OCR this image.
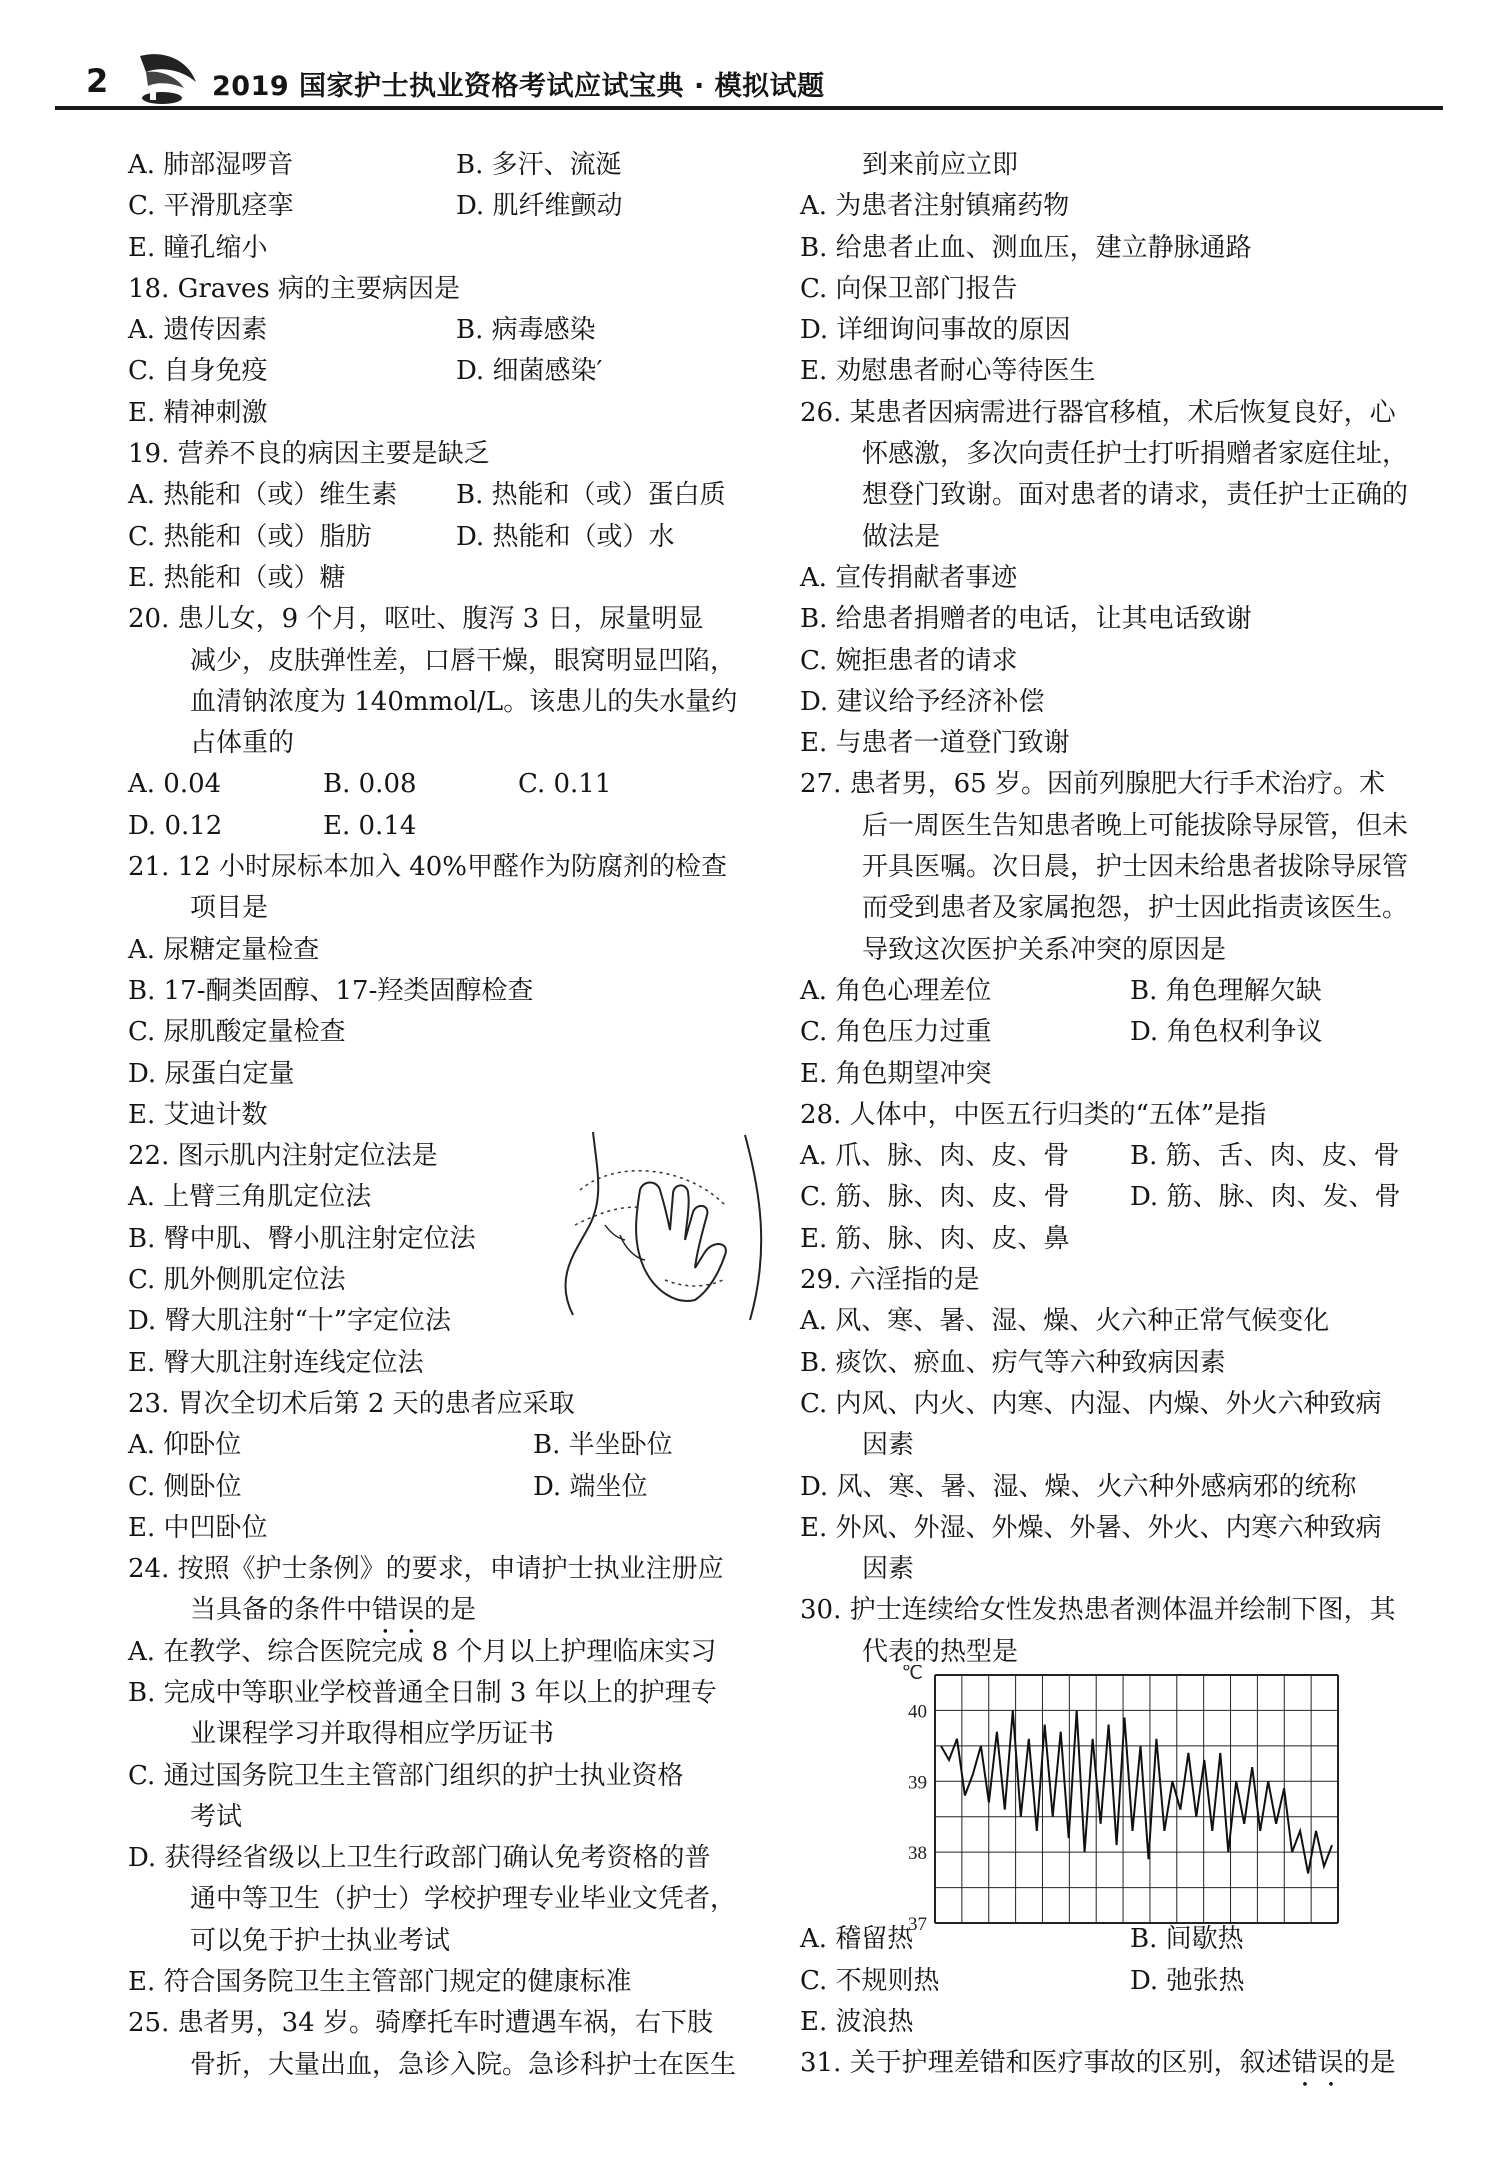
2	2019 国家护士执业资格考试应试宝典 · 模拟试题
A. 肺部湿啰音	B. 多汗、流涎
C. 平滑肌痉挛	D. 肌纤维颤动
E. 瞳孔缩小
18. Graves 病的主要病因是
A. 遗传因素	B. 病毒感染
C. 自身免疫	D. 细菌感染′
E. 精神刺激
19. 营养不良的病因主要是缺乏
A. 热能和（或）维生素 B. 热能和（或）蛋白质
C. 热能和（或）脂肪	D. 热能和（或）水
E. 热能和（或）糖
20. 患儿女，9 个月，呕吐、腹泻 3 日，尿量明显
减少，皮肤弹性差，口唇干燥，眼窝明显凹陷，
血清钠浓度为 140mmol/L。该患儿的失水量约
占体重的
A. 0.04	B. 0.08	C. 0.11
D. 0.12	E. 0.14
21. 12 小时尿标本加入 40%甲醛作为防腐剂的检查
项目是
A. 尿糖定量检查
B. 17-酮类固醇、17-羟类固醇检查
C. 尿肌酸定量检查
D. 尿蛋白定量
E. 艾迪计数
22. 图示肌内注射定位法是
A. 上臂三角肌定位法
B. 臀中肌、臀小肌注射定位法
C. 肌外侧肌定位法
D. 臀大肌注射“十”字定位法
E. 臀大肌注射连线定位法
23. 胃次全切术后第 2 天的患者应采取
A. 仰卧位	B. 半坐卧位
C. 侧卧位	D. 端坐位
E. 中凹卧位
24. 按照《护士条例》的要求，申请护士执业注册应
当具备的条件中错误的是
A. 在教学、综合医院完成 8 个月以上护理临床实习
B. 完成中等职业学校普通全日制 3 年以上的护理专
业课程学习并取得相应学历证书
C. 通过国务院卫生主管部门组织的护士执业资格
考试
D. 获得经省级以上卫生行政部门确认免考资格的普
通中等卫生（护士）学校护理专业毕业文凭者，
可以免于护士执业考试
E. 符合国务院卫生主管部门规定的健康标准
25. 患者男，34 岁。骑摩托车时遭遇车祸，右下肢
骨折，大量出血，急诊入院。急诊科护士在医生
到来前应立即
A. 为患者注射镇痛药物
B. 给患者止血、测血压，建立静脉通路
C. 向保卫部门报告
D. 详细询问事故的原因
E. 劝慰患者耐心等待医生
26. 某患者因病需进行器官移植，术后恢复良好，心
怀感激，多次向责任护士打听捐赠者家庭住址，
想登门致谢。面对患者的请求，责任护士正确的
做法是
A. 宣传捐献者事迹
B. 给患者捐赠者的电话，让其电话致谢
C. 婉拒患者的请求
D. 建议给予经济补偿
E. 与患者一道登门致谢
27. 患者男，65 岁。因前列腺肥大行手术治疗。术
后一周医生告知患者晚上可能拔除导尿管，但未
开具医嘱。次日晨，护士因未给患者拔除导尿管
而受到患者及家属抱怨，护士因此指责该医生。
导致这次医护关系冲突的原因是
A. 角色心理差位	B. 角色理解欠缺
C. 角色压力过重	D. 角色权利争议
E. 角色期望冲突
28. 人体中，中医五行归类的“五体”是指
A. 爪、脉、肉、皮、骨 B. 筋、舌、肉、皮、骨
C. 筋、脉、肉、皮、骨 D. 筋、脉、肉、发、骨
E. 筋、脉、肉、皮、鼻
29. 六淫指的是
A. 风、寒、暑、湿、燥、火六种正常气候变化
B. 痰饮、瘀血、疠气等六种致病因素
C. 内风、内火、内寒、内湿、内燥、外火六种致病
因素
D. 风、寒、暑、湿、燥、火六种外感病邪的统称
E. 外风、外湿、外燥、外暑、外火、内寒六种致病
因素
30. 护士连续给女性发热患者测体温并绘制下图，其
代表的热型是
A. 稽留热	B. 间歇热
C. 不规则热	D. 弛张热
E. 波浪热
31. 关于护理差错和医疗事故的区别，叙述错误的是
40
39
38
37
℃
